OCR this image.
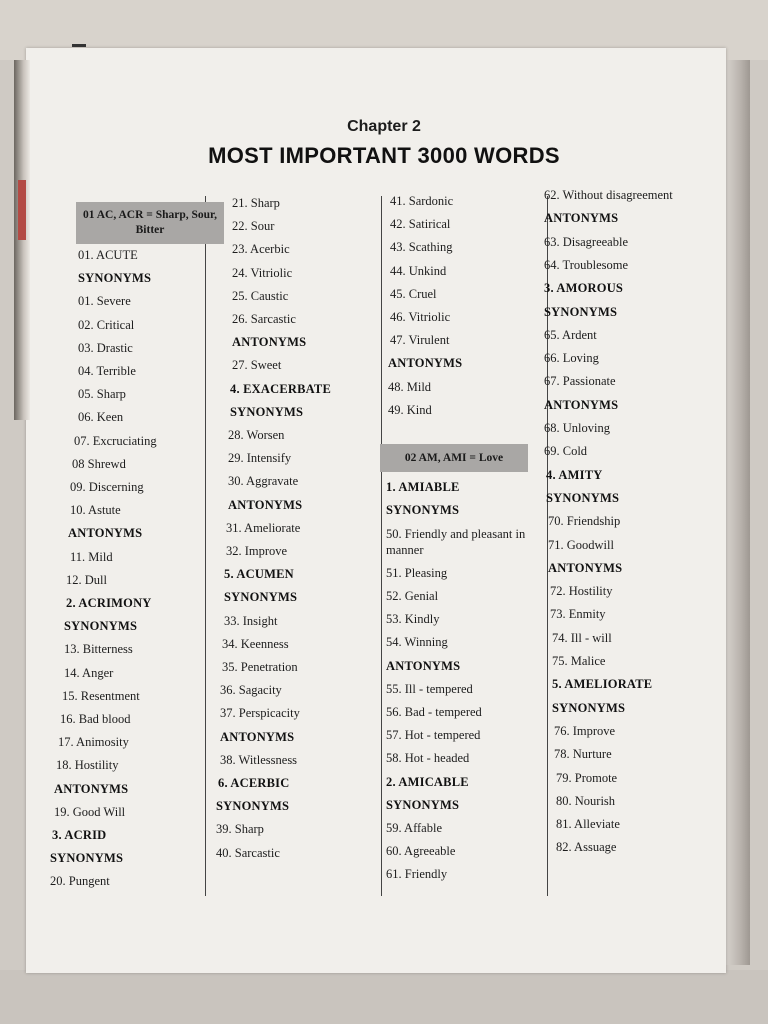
Chapter 2
MOST IMPORTANT 3000 WORDS
01 AC, ACR = Sharp, Sour, Bitter
01. ACUTE
SYNONYMS
01. Severe
02. Critical
03. Drastic
04. Terrible
05. Sharp
06. Keen
07. Excruciating
08 Shrewd
09. Discerning
10. Astute
ANTONYMS
11. Mild
12. Dull
2. ACRIMONY
SYNONYMS
13. Bitterness
14. Anger
15. Resentment
16. Bad blood
17. Animosity
18. Hostility
ANTONYMS
19. Good Will
3. ACRID
SYNONYMS
20. Pungent
21. Sharp
22. Sour
23. Acerbic
24. Vitriolic
25. Caustic
26. Sarcastic
ANTONYMS
27. Sweet
4. EXACERBATE
SYNONYMS
28. Worsen
29. Intensify
30. Aggravate
ANTONYMS
31. Ameliorate
32. Improve
5. ACUMEN
SYNONYMS
33. Insight
34. Keenness
35. Penetration
36. Sagacity
37. Perspicacity
ANTONYMS
38. Witlessness
6. ACERBIC
SYNONYMS
39. Sharp
40. Sarcastic
02 AM, AMI = Love
41. Sardonic
42. Satirical
43. Scathing
44. Unkind
45. Cruel
46. Vitriolic
47. Virulent
ANTONYMS
48. Mild
49. Kind
1. AMIABLE
SYNONYMS
50. Friendly and pleasant in manner
51. Pleasing
52. Genial
53. Kindly
54. Winning
ANTONYMS
55. Ill - tempered
56. Bad - tempered
57. Hot - tempered
58. Hot - headed
2. AMICABLE
SYNONYMS
59. Affable
60. Agreeable
61. Friendly
62. Without disagreement
ANTONYMS
63. Disagreeable
64. Troublesome
3. AMOROUS
SYNONYMS
65. Ardent
66. Loving
67. Passionate
ANTONYMS
68. Unloving
69. Cold
4. AMITY
SYNONYMS
70. Friendship
71. Goodwill
ANTONYMS
72. Hostility
73. Enmity
74. Ill - will
75. Malice
5. AMELIORATE
SYNONYMS
76. Improve
78. Nurture
79. Promote
80. Nourish
81. Alleviate
82. Assuage
